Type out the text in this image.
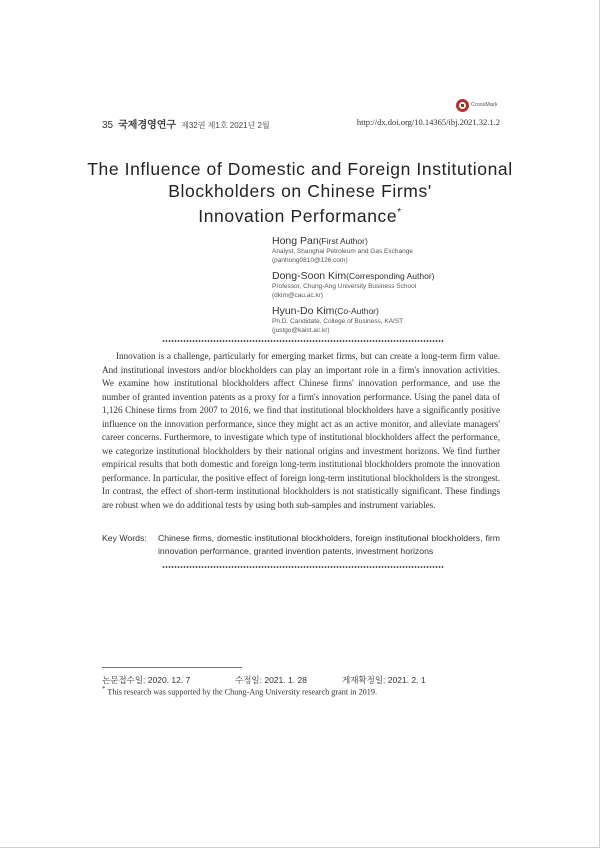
CrossMark
35 국제경영연구 제32권 제1호 2021년 2월	http://dx.doi.org/10.14365/ibj.2021.32.1.2
The Influence of Domestic and Foreign Institutional
Blockholders on Chinese Firms'
Innovation Performance*
Hong Pan(First Author)
Analyst, Shanghai Petroleum and Gas Exchange
(panhong0810@126.com)
Dong-Soon Kim(Corresponding Author)
Professor, Chung-Ang University Business School
(dkim@cau.ac.kr)
Hyun-Do Kim(Co-Author)
Ph.D. Candidate, College of Business, KAIST
(justgo@kaist.ac.kr)
Innovation is a challenge, particularly for emerging market firms, but can create a long-term firm value. And institutional investors and/or blockholders can play an important role in a firm's innovation activities. We examine how institutional blockholders affect Chinese firms' innovation performance, and use the number of granted invention patents as a proxy for a firm's innovation performance. Using the panel data of 1,126 Chinese firms from 2007 to 2016, we find that institutional blockholders have a significantly positive influence on the innovation performance, since they might act as an active monitor, and alleviate managers' career concerns. Furthermore, to investigate which type of institutional blockholders affect the performance, we categorize institutional blockholders by their national origins and investment horizons. We find further empirical results that both domestic and foreign long-term institutional blockholders promote the innovation performance. In particular, the positive effect of foreign long-term institutional blockholders is the strongest. In contrast, the effect of short-term institutional blockholders is not statistically significant. These findings are robust when we do additional tests by using both sub-samples and instrument variables.
Key Words: Chinese firms, domestic institutional blockholders, foreign institutional blockholders, firm innovation performance, granted invention patents, investment horizons
논문접수일: 2020. 12. 7	수정일: 2021. 1. 28	게재확정일: 2021. 2. 1
* This research was supported by the Chung-Ang University research grant in 2019.
